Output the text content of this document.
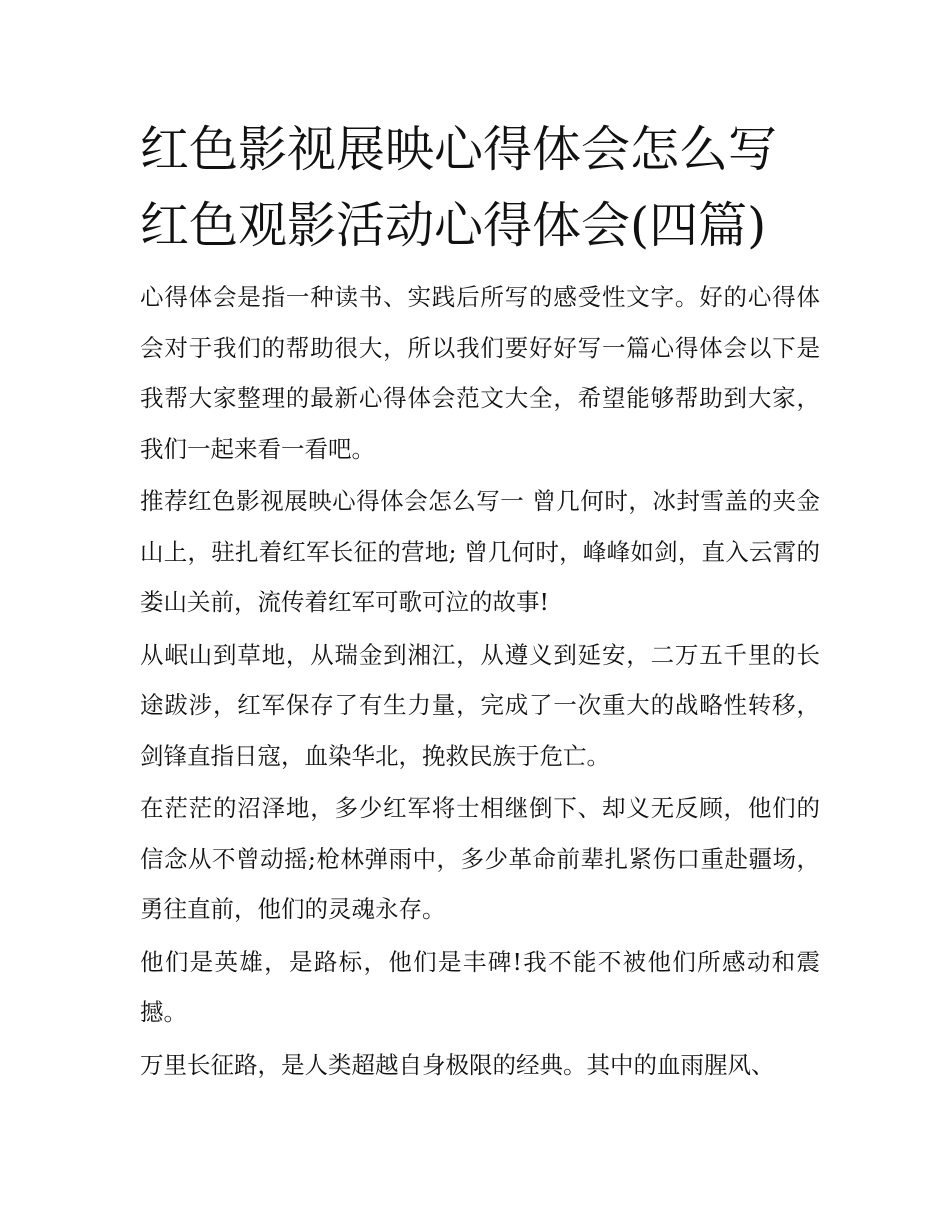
红色影视展映心得体会怎么写
红色观影活动心得体会(四篇)

心得体会是指一种读书、实践后所写的感受性文字。好的心得体会对于我们的帮助很大，所以我们要好好写一篇心得体会以下是我帮大家整理的最新心得体会范文大全，希望能够帮助到大家，我们一起来看一看吧。

推荐红色影视展映心得体会怎么写一 曾几何时，冰封雪盖的夹金山上，驻扎着红军长征的营地; 曾几何时，峰峰如剑，直入云霄的娄山关前，流传着红军可歌可泣的故事!

从岷山到草地，从瑞金到湘江，从遵义到延安，二万五千里的长途跋涉，红军保存了有生力量，完成了一次重大的战略性转移，剑锋直指日寇，血染华北，挽救民族于危亡。

在茫茫的沼泽地，多少红军将士相继倒下、却义无反顾，他们的信念从不曾动摇;枪林弹雨中，多少革命前辈扎紧伤口重赴疆场，勇往直前，他们的灵魂永存。

他们是英雄，是路标，他们是丰碑!我不能不被他们所感动和震撼。

万里长征路，是人类超越自身极限的经典。其中的血雨腥风、
